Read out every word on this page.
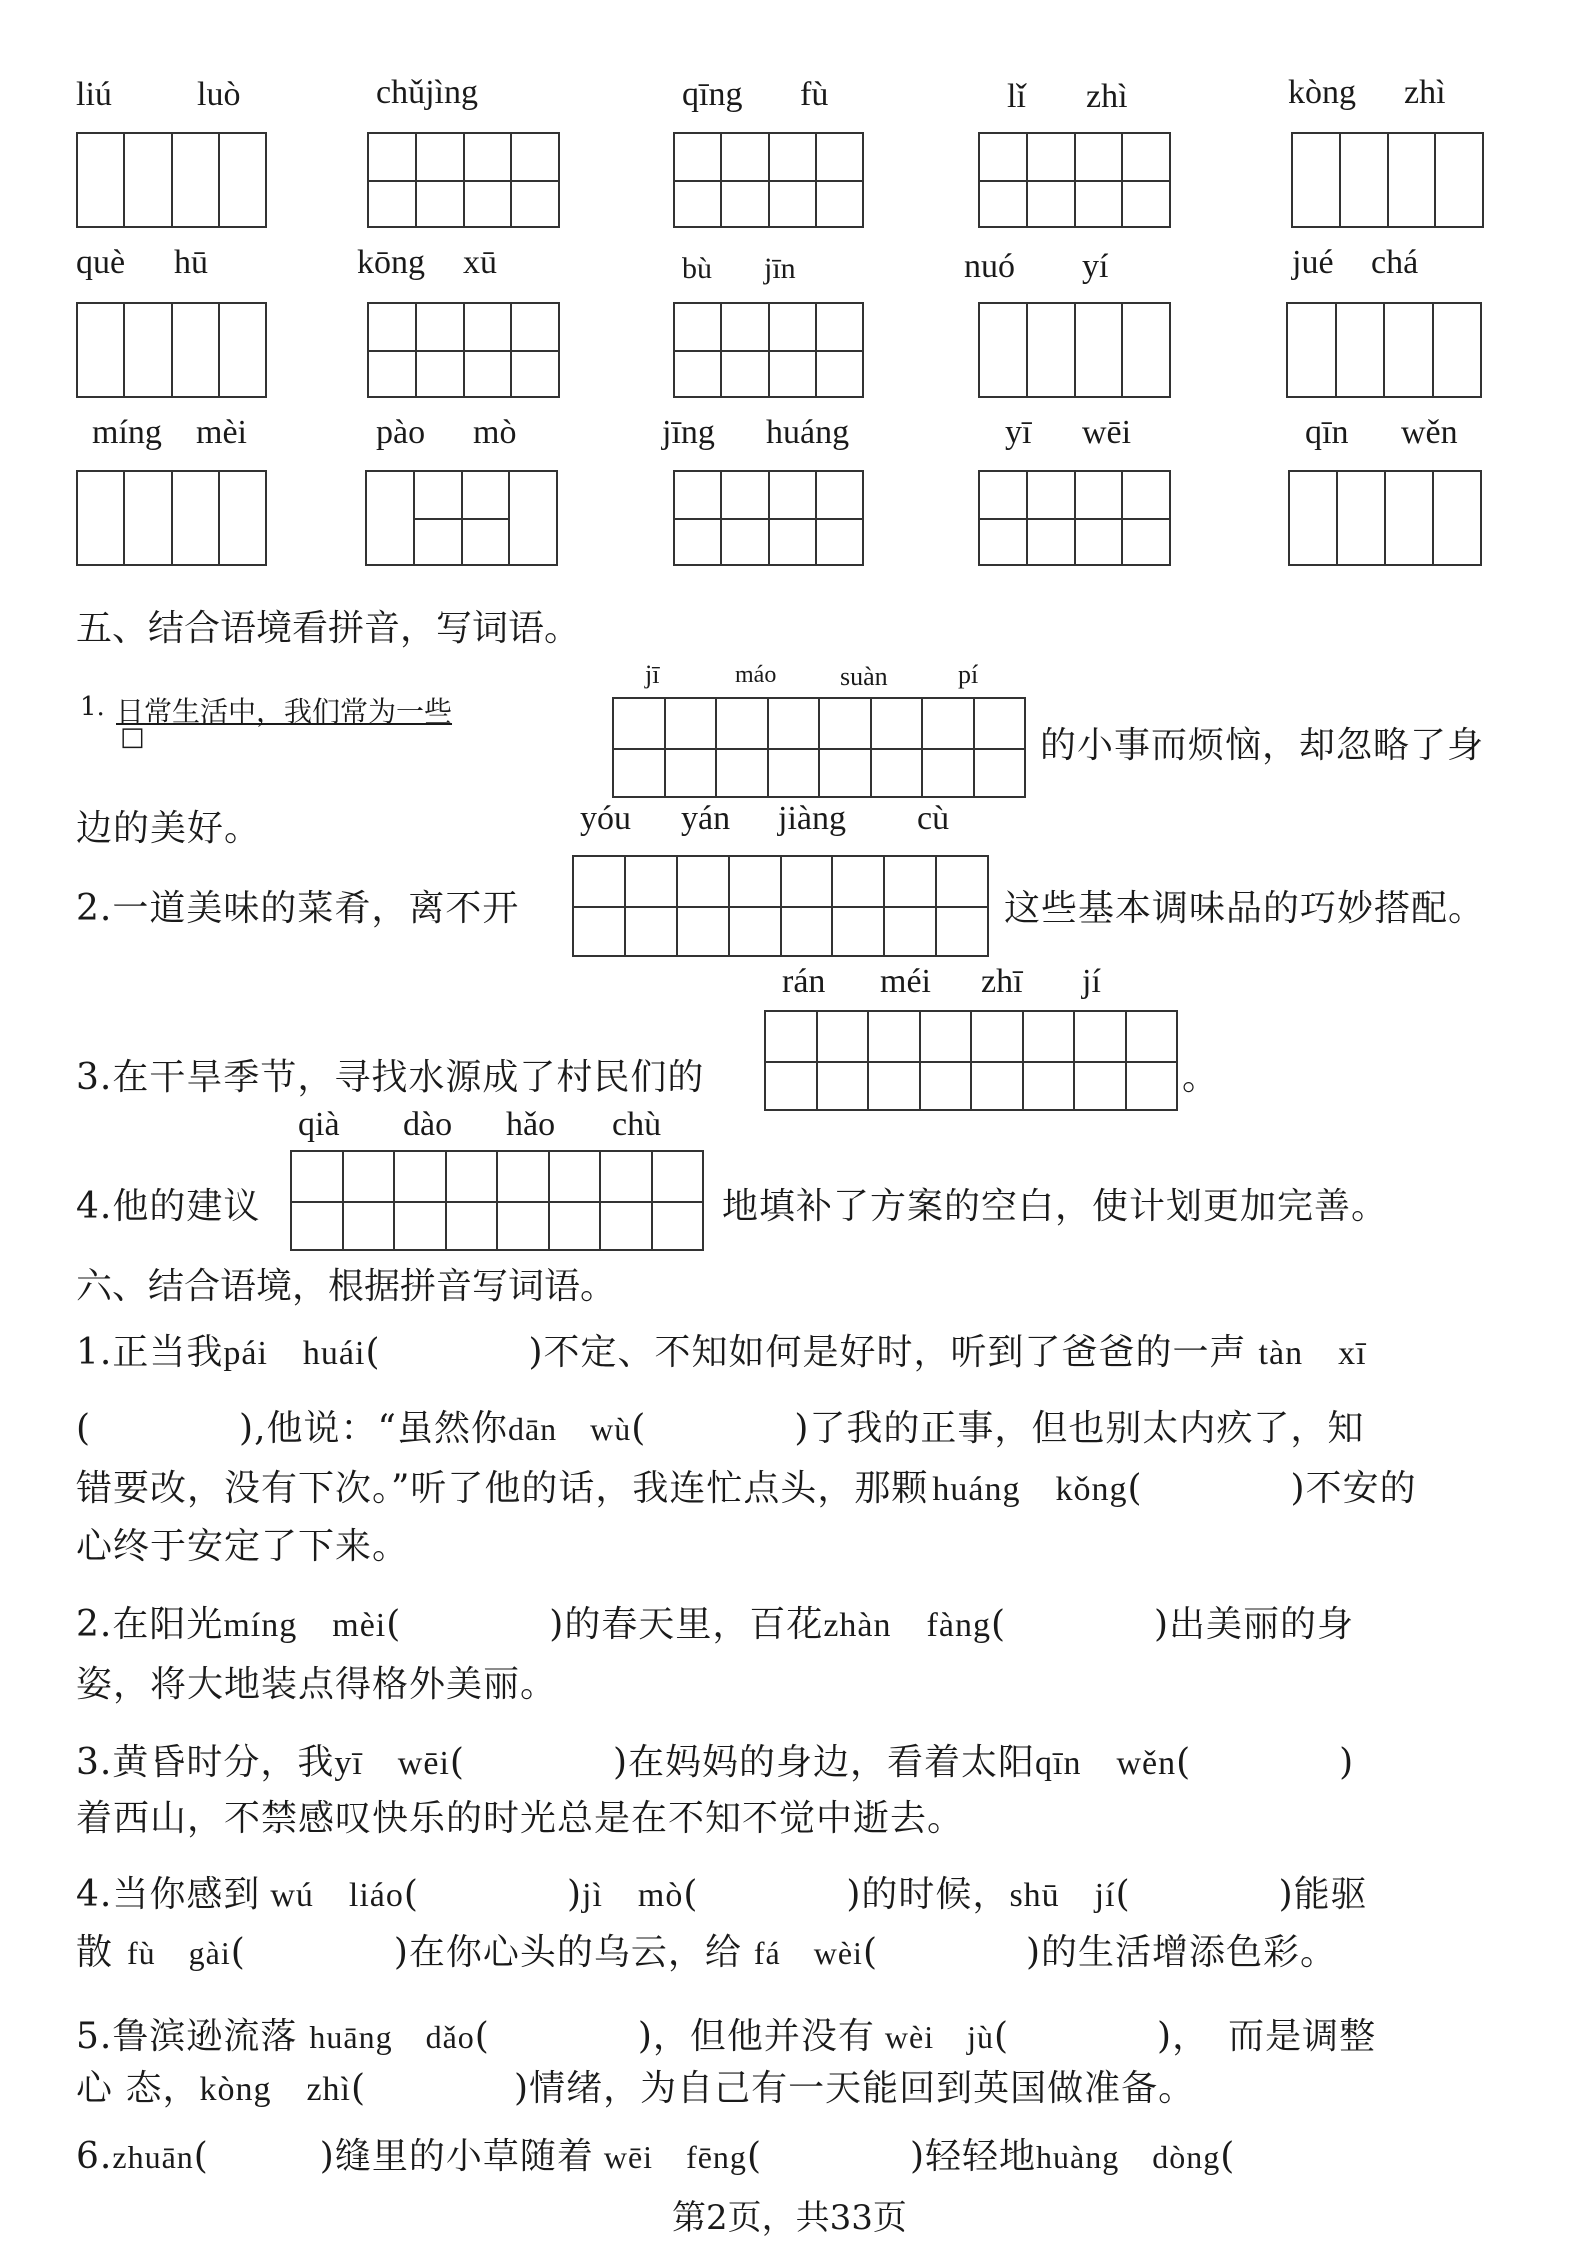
liú	luò	chǔjìng	qīng fù	lǐ zhì	kòng zhì
què hū	kōng xū	bù jīn	nuó yí	jué chá
míng mèi	pào mò	jīng huáng	yī wēi	qīn wěn
五、结合语境看拼音，写词语。
jī	máo suàn	pí
1. 日常生活中，我们常为一些
□	的小事而烦恼，却忽略了身
边的美好。	yóu yán jiàng cù
2.一道美味的菜肴，离不开	这些基本调味品的巧妙搭配。
rán méi zhī jí
3.在干旱季节，寻找水源成了村民们的	。
qià dào hǎo chù
4.他的建议	地填补了方案的空白，使计划更加完善。
六、结合语境，根据拼音写词语。
1.正当我pái　huái(　　　　)不定、不知如何是好时，听到了爸爸的一声 tàn　xī
(　　　　),他说：“虽然你dān　wù(　　　　)了我的正事，但也别太内疚了，知
错要改，没有下次。”听了他的话，我连忙点头，那颗 huáng　kǒng(　　　　)不安的
心终于安定了下来。
2.在阳光míng　mèi(　　　　)的春天里，百花zhàn　fàng(　　　　)出美丽的身
姿，将大地装点得格外美丽。
3.黄昏时分，我yī　wēi(　　　　)在妈妈的身边，看着太阳qīn　wěn(　　　　)
着西山，不禁感叹快乐的时光总是在不知不觉中逝去。
4.当你感到 wú　liáo(　　　　)jì　mò(　　　　)的时候，shū　jí(　　　　)能驱
散 fù　gài(　　　　)在你心头的乌云，给 fá　wèi(　　　　)的生活增添色彩。
5.鲁滨逊流落 huāng　dǎo(　　　　)，但他并没有 wèi　jù(　　　　)，　而是调整
心 态，kòng　zhì(　　　　)情绪，为自己有一天能回到英国做准备。
6.zhuān(　　　)缝里的小草随着 wēi　fēng(　　　　)轻轻地huàng　dòng(
第2页，共33页
